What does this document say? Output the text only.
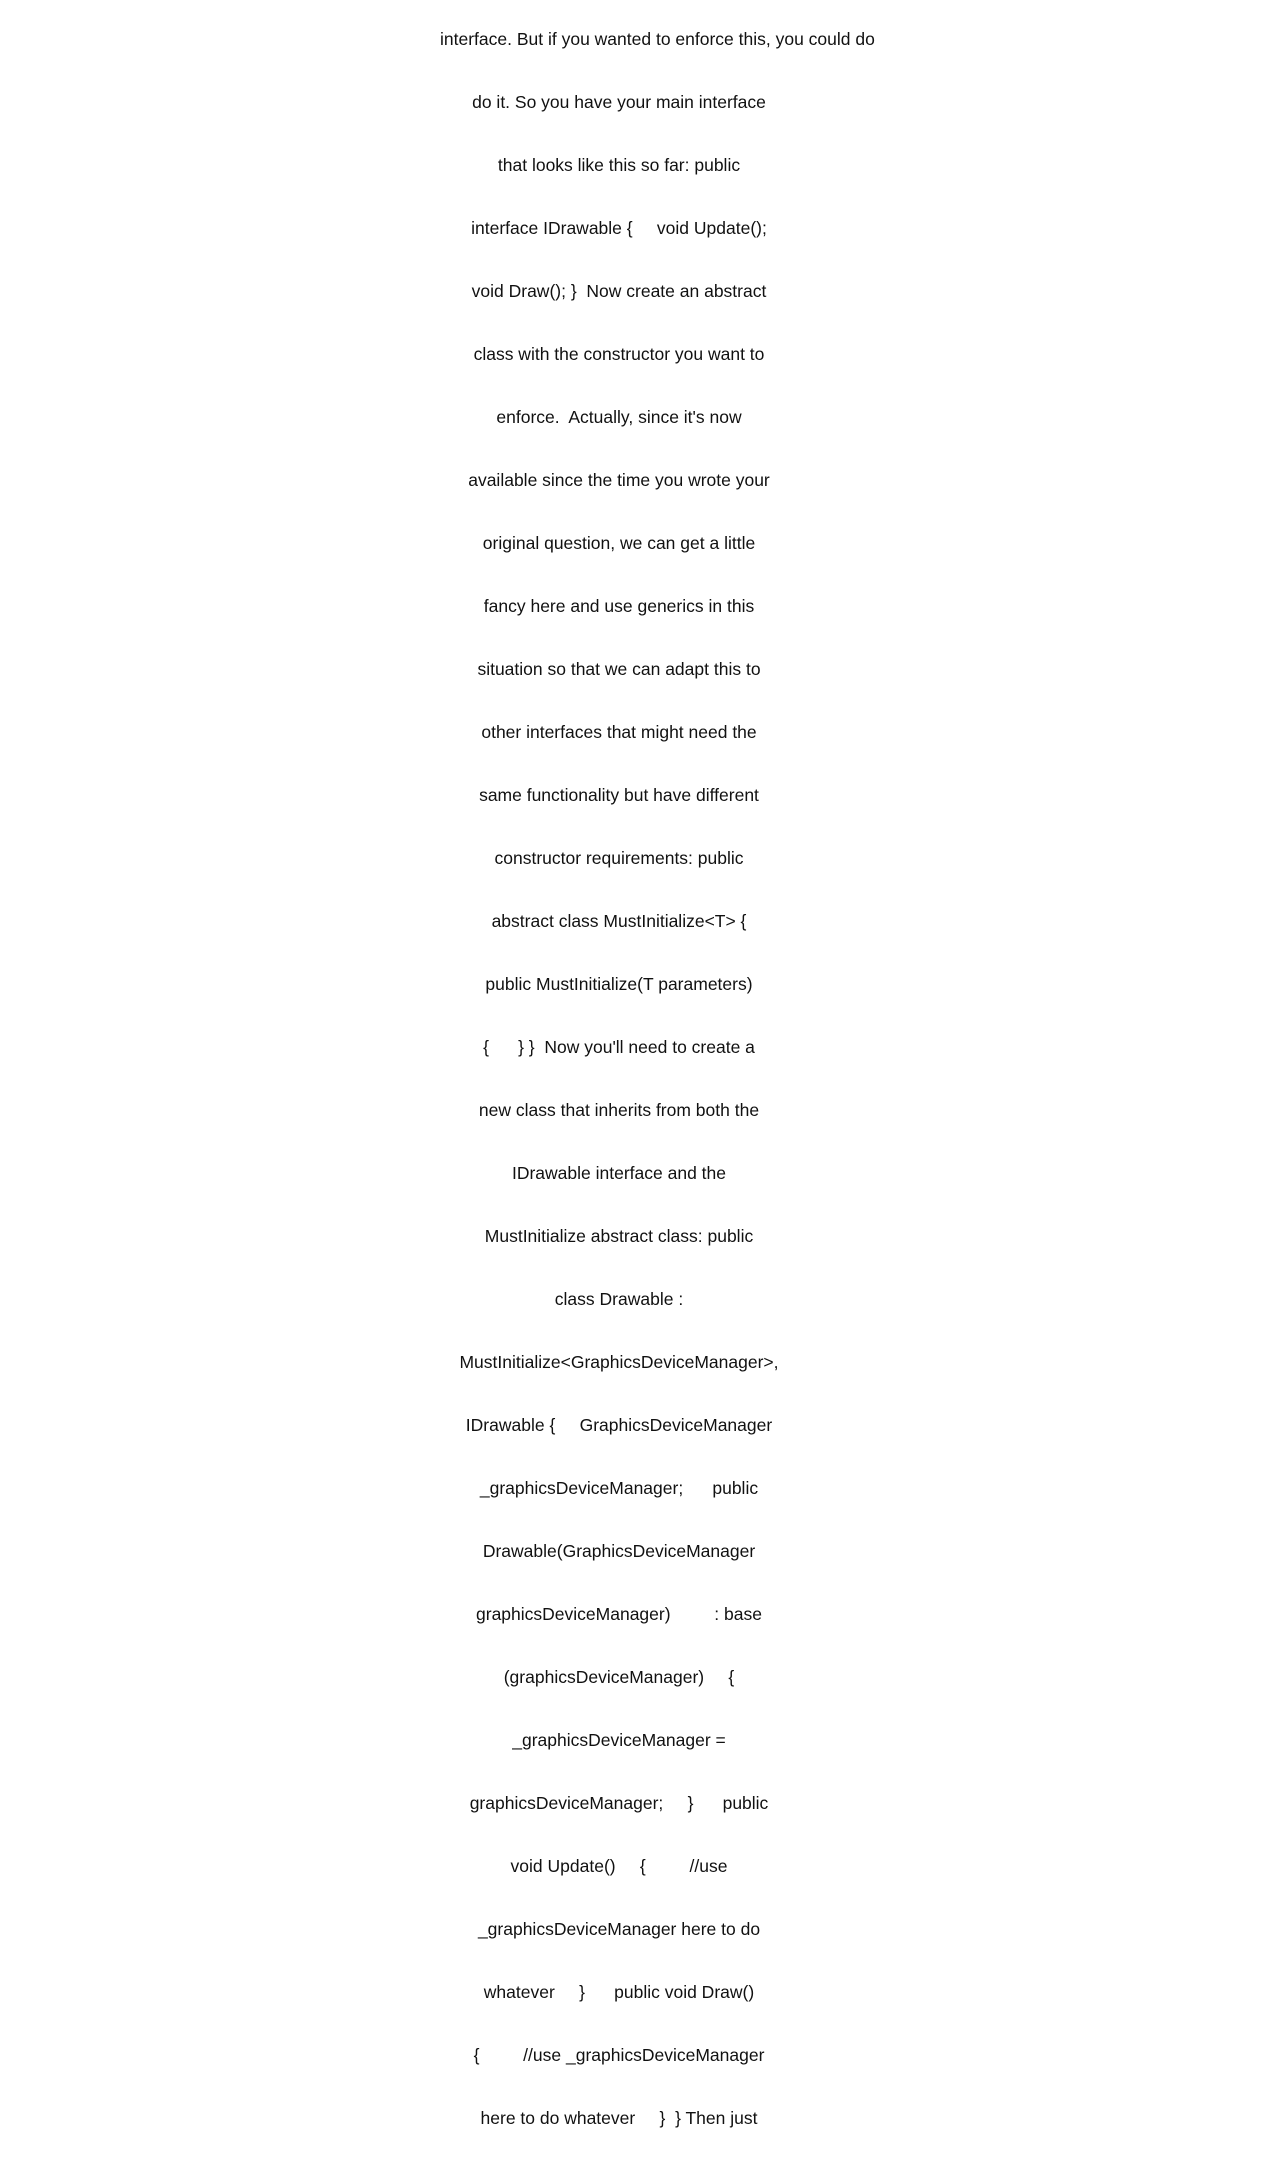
interface. But if you wanted to enforce this, you could do

do it. So you have your main interface

that looks like this so far: public

interface IDrawable {     void Update();

void Draw(); }  Now create an abstract

class with the constructor you want to

enforce.  Actually, since it's now

available since the time you wrote your

original question, we can get a little

fancy here and use generics in this

situation so that we can adapt this to

other interfaces that might need the

same functionality but have different

constructor requirements: public

abstract class MustInitialize<T> {

public MustInitialize(T parameters)

{      } }  Now you'll need to create a

new class that inherits from both the

IDrawable interface and the

MustInitialize abstract class: public

class Drawable :

MustInitialize<GraphicsDeviceManager>,

IDrawable {     GraphicsDeviceManager

_graphicsDeviceManager;      public

Drawable(GraphicsDeviceManager

graphicsDeviceManager)         : base

(graphicsDeviceManager)     {

_graphicsDeviceManager =

graphicsDeviceManager;     }      public

void Update()     {         //use

_graphicsDeviceManager here to do

whatever     }      public void Draw()

{         //use _graphicsDeviceManager

here to do whatever     }  } Then just
